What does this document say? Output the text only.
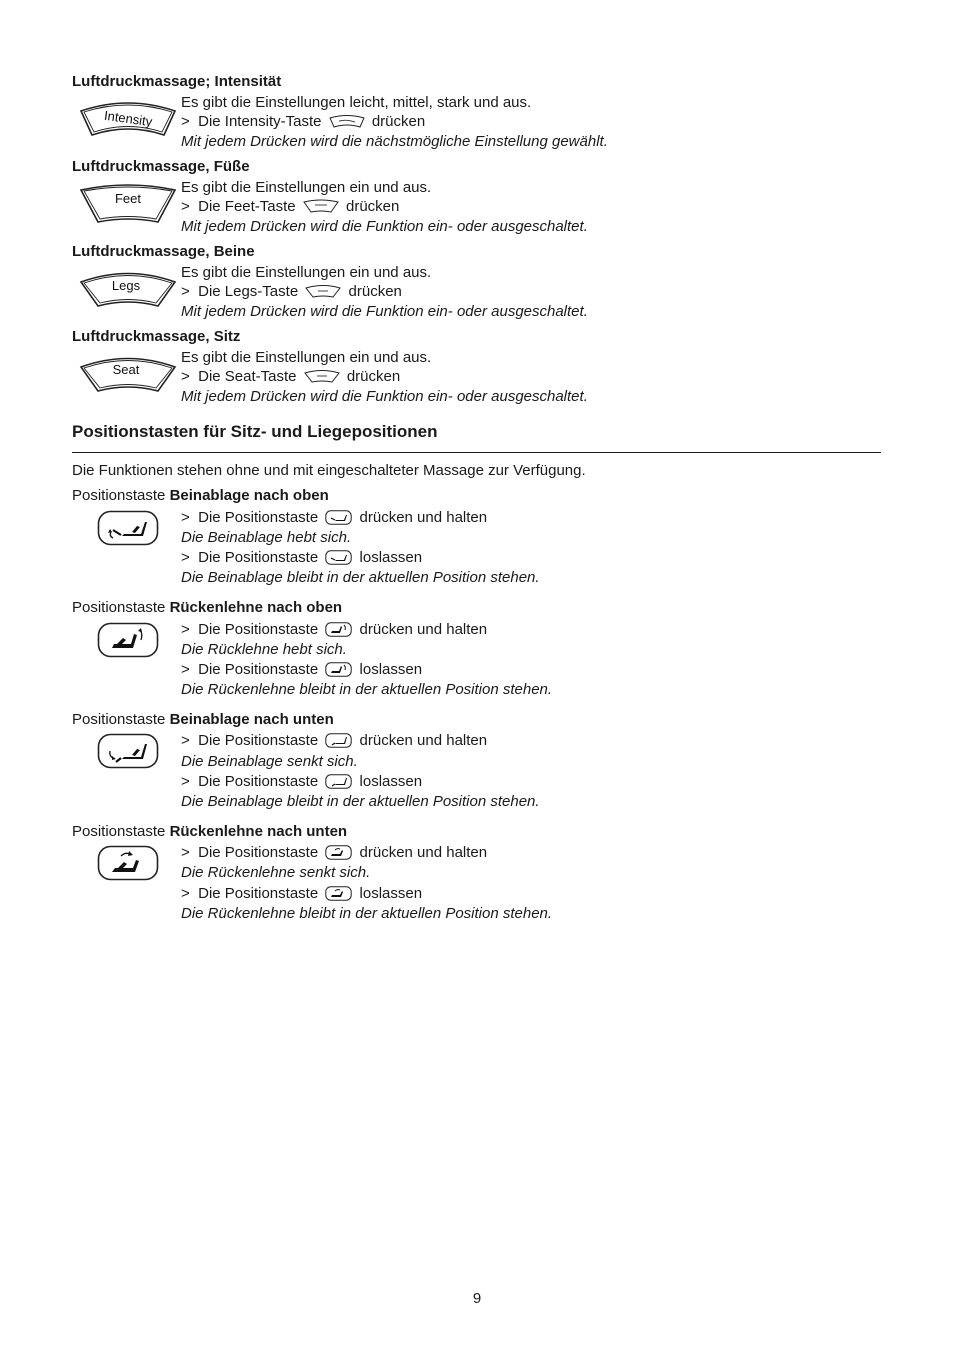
Luftdruckmassage; Intensität
Intensity
Es gibt die Einstellungen leicht, mittel, stark und aus.
> Die Intensity-Taste	drücken
Mit jedem Drücken wird die nächstmögliche Einstellung gewählt.
Luftdruckmassage, Füße
Feet
Es gibt die Einstellungen ein und aus.
> Die Feet-Taste	drücken
Mit jedem Drücken wird die Funktion ein- oder ausgeschaltet.
Luftdruckmassage, Beine
Legs
Es gibt die Einstellungen ein und aus.
> Die Legs-Taste	drücken
Mit jedem Drücken wird die Funktion ein- oder ausgeschaltet.
Luftdruckmassage, Sitz
Seat
Es gibt die Einstellungen ein und aus.
> Die Seat-Taste	drücken
Mit jedem Drücken wird die Funktion ein- oder ausgeschaltet.
Positionstasten für Sitz- und Liegepositionen
Die Funktionen stehen ohne und mit eingeschalteter Massage zur Verfügung.
Positionstaste Beinablage nach oben
> Die Positionstaste	drücken und halten
Die Beinablage hebt sich.
> Die Positionstaste	loslassen
Die Beinablage bleibt in der aktuellen Position stehen.
Positionstaste Rückenlehne nach oben
> Die Positionstaste	drücken und halten
Die Rücklehne hebt sich.
> Die Positionstaste	loslassen
Die Rückenlehne bleibt in der aktuellen Position stehen.
Positionstaste Beinablage nach unten
> Die Positionstaste	drücken und halten
Die Beinablage senkt sich.
> Die Positionstaste	loslassen
Die Beinablage bleibt in der aktuellen Position stehen.
Positionstaste Rückenlehne nach unten
> Die Positionstaste	drücken und halten
Die Rückenlehne senkt sich.
> Die Positionstaste	loslassen
Die Rückenlehne bleibt in der aktuellen Position stehen.
9
